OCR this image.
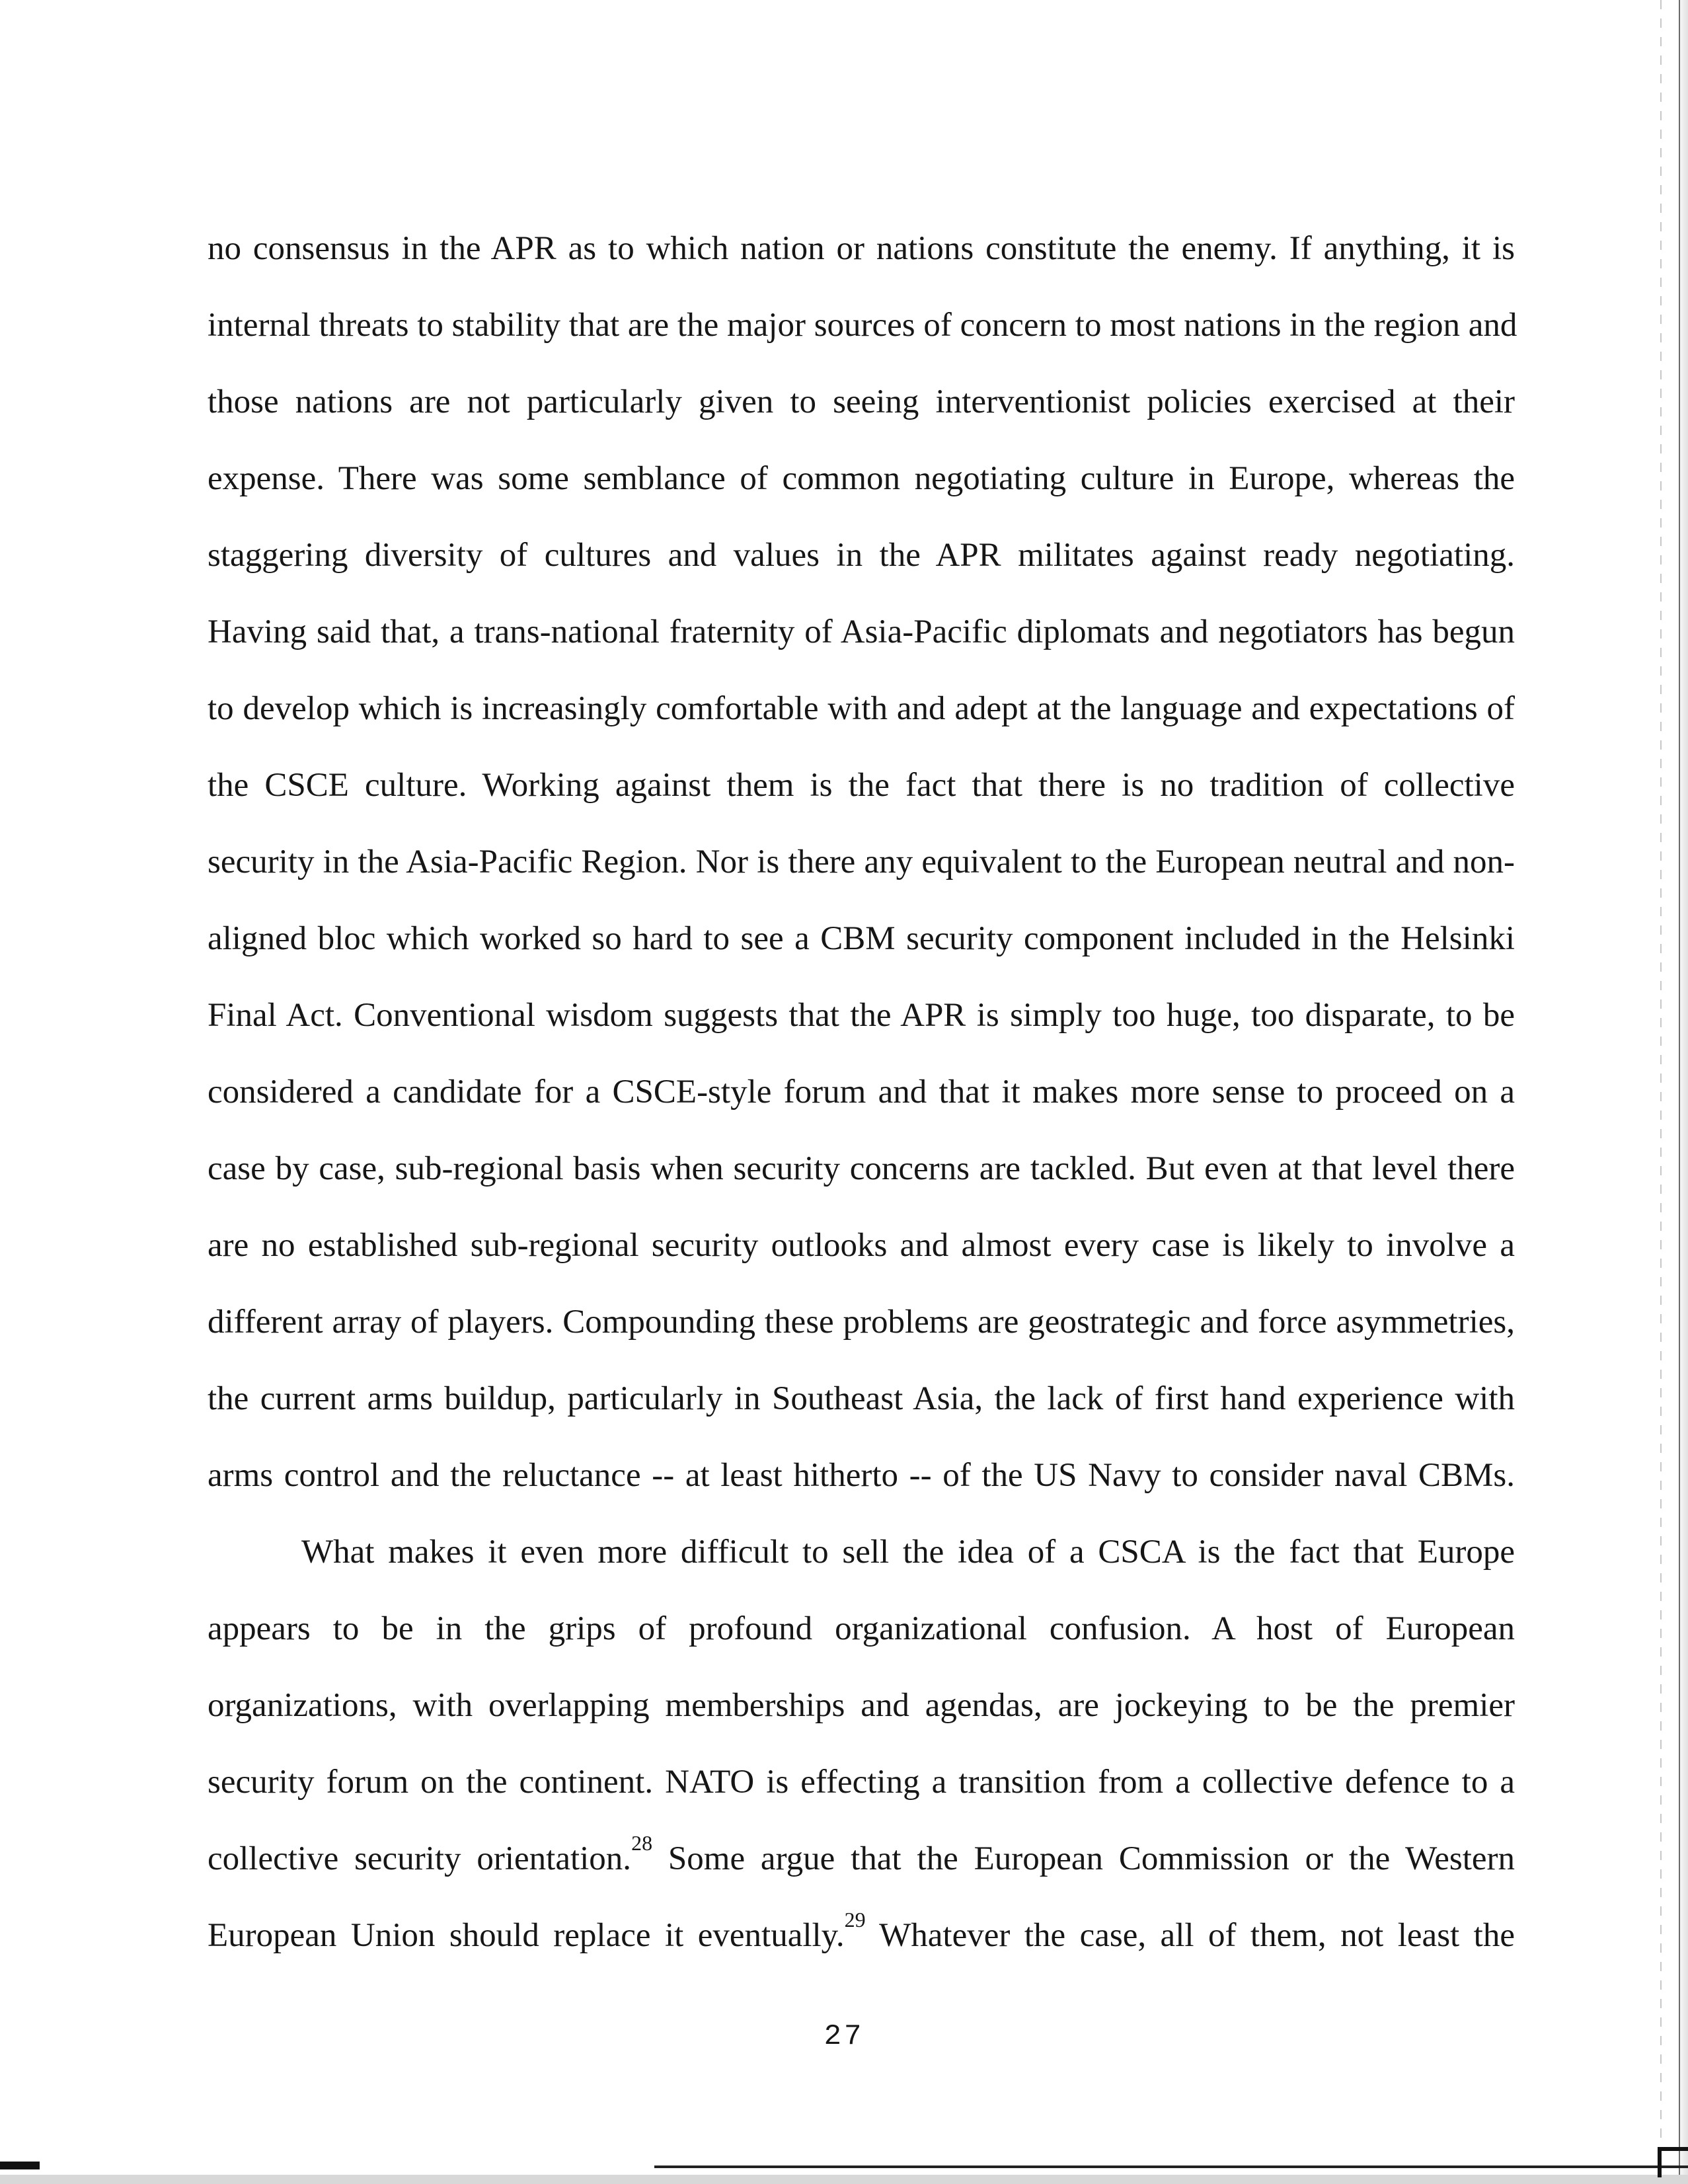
no consensus in the APR as to which nation or nations constitute the enemy. If anything, it is
internal threats to stability that are the major sources of concern to most nations in the region and
those nations are not particularly given to seeing interventionist policies exercised at their
expense. There was some semblance of common negotiating culture in Europe, whereas the
staggering diversity of cultures and values in the APR militates against ready negotiating.
Having said that, a trans-national fraternity of Asia-Pacific diplomats and negotiators has begun
to develop which is increasingly comfortable with and adept at the language and expectations of
the CSCE culture. Working against them is the fact that there is no tradition of collective
security in the Asia-Pacific Region. Nor is there any equivalent to the European neutral and non-
aligned bloc which worked so hard to see a CBM security component included in the Helsinki
Final Act. Conventional wisdom suggests that the APR is simply too huge, too disparate, to be
considered a candidate for a CSCE-style forum and that it makes more sense to proceed on a
case by case, sub-regional basis when security concerns are tackled. But even at that level there
are no established sub-regional security outlooks and almost every case is likely to involve a
different array of players. Compounding these problems are geostrategic and force asymmetries,
the current arms buildup, particularly in Southeast Asia, the lack of first hand experience with
arms control and the reluctance -- at least hitherto -- of the US Navy to consider naval CBMs.
What makes it even more difficult to sell the idea of a CSCA is the fact that Europe
appears to be in the grips of profound organizational confusion. A host of European
organizations, with overlapping memberships and agendas, are jockeying to be the premier
security forum on the continent. NATO is effecting a transition from a collective defence to a
collective security orientation.$^{28}$ Some argue that the European Commission or the Western
European Union should replace it eventually.$^{29}$ Whatever the case, all of them, not least the
27
